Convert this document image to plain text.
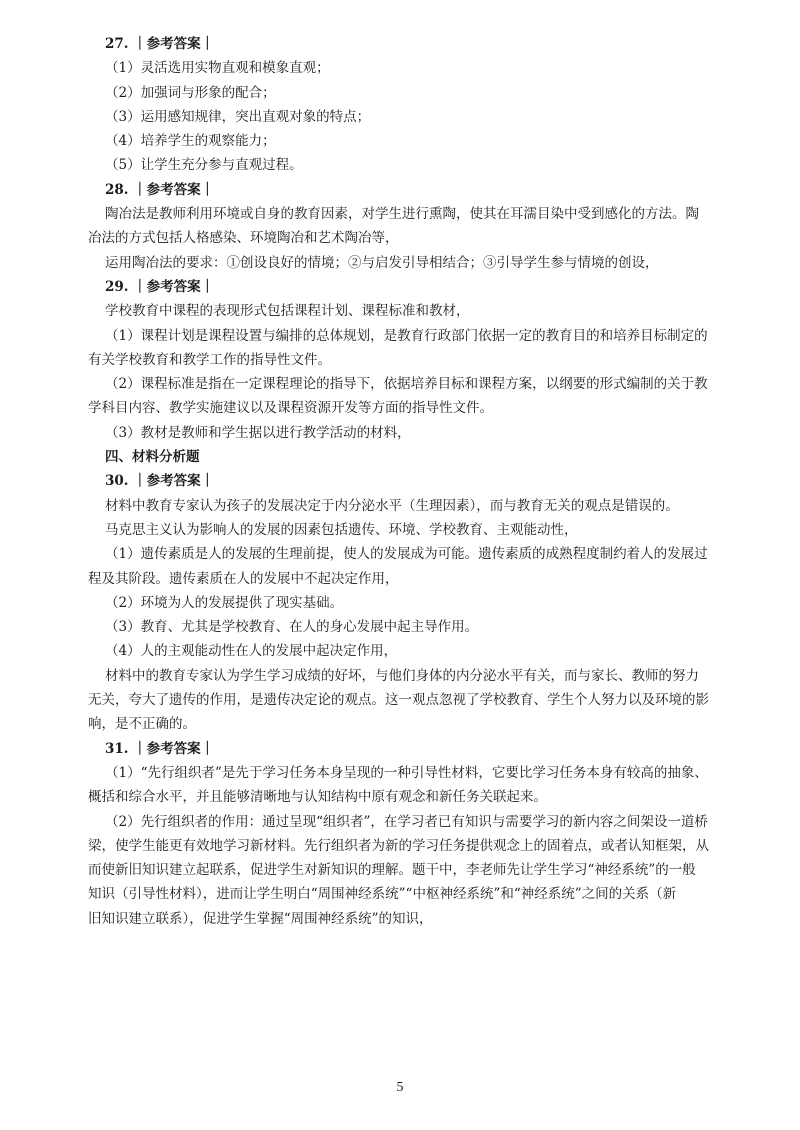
27. ｜参考答案｜
（1）灵活选用实物直观和模象直观；
（2）加强词与形象的配合；
（3）运用感知规律，突出直观对象的特点；
（4）培养学生的观察能力；
（5）让学生充分参与直观过程。
28. ｜参考答案｜
陶冶法是教师利用环境或自身的教育因素，对学生进行熏陶，使其在耳濡目染中受到感化的方法。陶
冶法的方式包括人格感染、环境陶冶和艺术陶冶等，
运用陶冶法的要求：①创设良好的情境；②与启发引导相结合；③引导学生参与情境的创设，
29. ｜参考答案｜
学校教育中课程的表现形式包括课程计划、课程标准和教材，
（1）课程计划是课程设置与编排的总体规划，是教育行政部门依据一定的教育目的和培养目标制定的
有关学校教育和教学工作的指导性文件。
（2）课程标准是指在一定课程理论的指导下，依据培养目标和课程方案，以纲要的形式编制的关于教
学科目内容、教学实施建议以及课程资源开发等方面的指导性文件。
（3）教材是教师和学生据以进行教学活动的材料，
四、材料分析题
30. ｜参考答案｜
材料中教育专家认为孩子的发展决定于内分泌水平（生理因素），而与教育无关的观点是错误的。
马克思主义认为影响人的发展的因素包括遗传、环境、学校教育、主观能动性，
（1）遗传素质是人的发展的生理前提，使人的发展成为可能。遗传素质的成熟程度制约着人的发展过
程及其阶段。遗传素质在人的发展中不起决定作用，
（2）环境为人的发展提供了现实基础。
（3）教育、尤其是学校教育、在人的身心发展中起主导作用。
（4）人的主观能动性在人的发展中起决定作用，
材料中的教育专家认为学生学习成绩的好坏，与他们身体的内分泌水平有关，而与家长、教师的努力
无关，夸大了遗传的作用，是遗传决定论的观点。这一观点忽视了学校教育、学生个人努力以及环境的影
响，是不正确的。
31. ｜参考答案｜
（1）“先行组织者”是先于学习任务本身呈现的一种引导性材料，它要比学习任务本身有较高的抽象、
概括和综合水平，并且能够清晰地与认知结构中原有观念和新任务关联起来。
（2）先行组织者的作用：通过呈现“组织者”，在学习者已有知识与需要学习的新内容之间架设一道桥
梁，使学生能更有效地学习新材料。先行组织者为新的学习任务提供观念上的固着点，或者认知框架，从
而使新旧知识建立起联系，促进学生对新知识的理解。题干中，李老师先让学生学习“神经系统”的一般
知识（引导性材料），进而让学生明白“周围神经系统”“中枢神经系统”和“神经系统”之间的关系（新
旧知识建立联系），促进学生掌握“周围神经系统”的知识，
5
